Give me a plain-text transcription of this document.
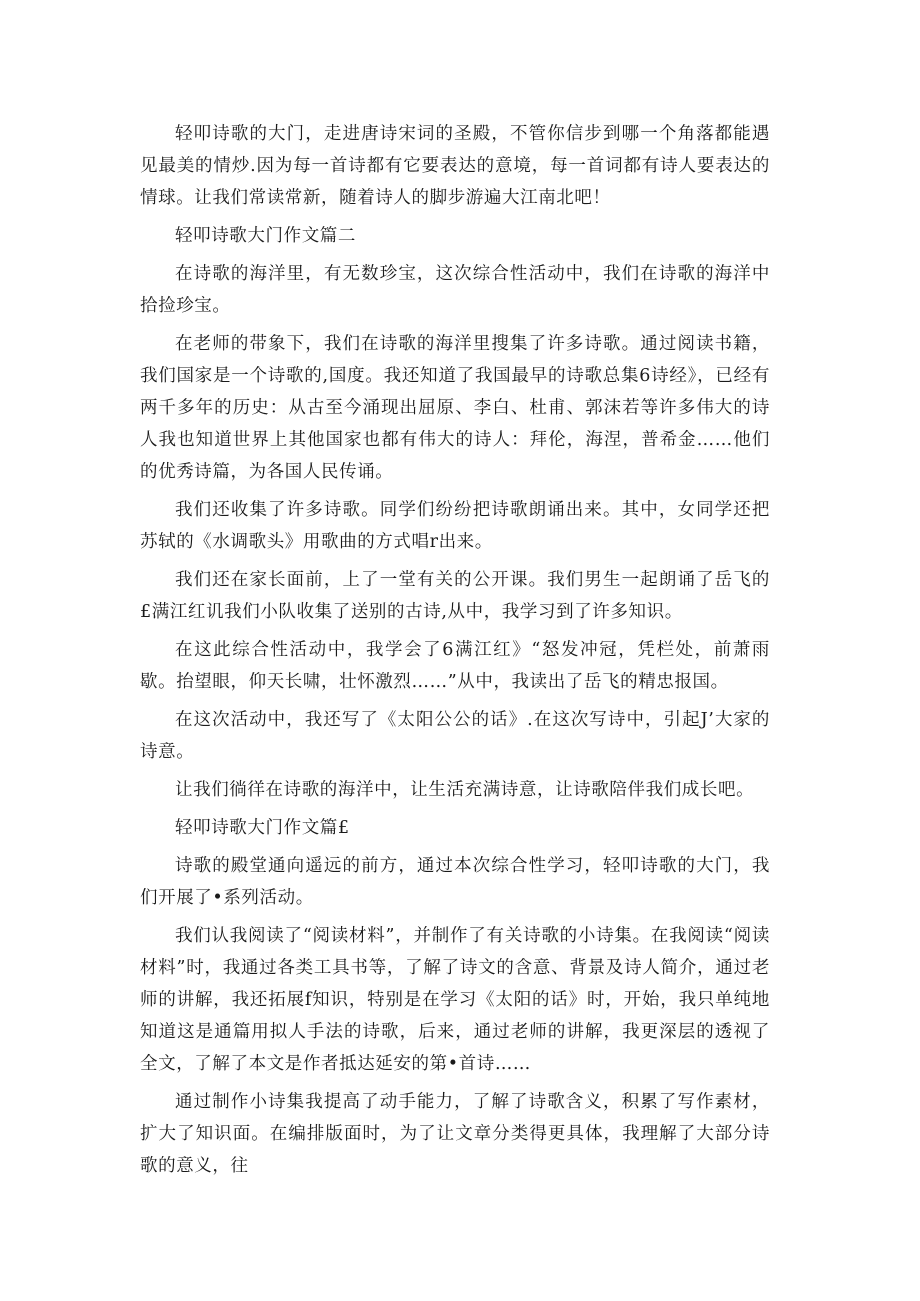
轻叩诗歌的大门，走进唐诗宋词的圣殿，不管你信步到哪一个角落都能遇见最美的情炒.因为每一首诗都有它要表达的意境，每一首词都有诗人要表达的情球。让我们常读常新，随着诗人的脚步游遍大江南北吧！

轻叩诗歌大门作文篇二

在诗歌的海洋里，有无数珍宝，这次综合性活动中，我们在诗歌的海洋中拾捡珍宝。

在老师的带象下，我们在诗歌的海洋里搜集了许多诗歌。通过阅读书籍，我们国家是一个诗歌的,国度。我还知道了我国最早的诗歌总集6诗经》，已经有两千多年的历史：从古至今涌现出屈原、李白、杜甫、郭沫若等许多伟大的诗人我也知道世界上其他国家也都有伟大的诗人：拜伦，海涅，普希金……他们的优秀诗篇，为各国人民传诵。

我们还收集了许多诗歌。同学们纷纷把诗歌朗诵出来。其中，女同学还把苏轼的《水调歌头》用歌曲的方式唱r出来。

我们还在家长面前，上了一堂有关的公开课。我们男生一起朗诵了岳飞的£满江红讥我们小队收集了送别的古诗,从中，我学习到了许多知识。

在这此综合性活动中，我学会了6满江红》“怒发冲冠，凭栏处，前萧雨歇。抬望眼，仰天长啸，壮怀激烈……”从中，我读出了岳飞的精忠报国。

在这次活动中，我还写了《太阳公公的话》.在这次写诗中，引起J’大家的诗意。

让我们徜徉在诗歌的海洋中，让生活充满诗意，让诗歌陪伴我们成长吧。

轻叩诗歌大门作文篇£

诗歌的殿堂通向遥远的前方，通过本次综合性学习，轻叩诗歌的大门，我们开展了•系列活动。

我们认我阅读了“阅读材料”，并制作了有关诗歌的小诗集。在我阅读“阅读材料”时，我通过各类工具书等，了解了诗文的含意、背景及诗人简介，通过老师的讲解，我还拓展f知识，特别是在学习《太阳的话》时，开始，我只单纯地知道这是通篇用拟人手法的诗歌，后来，通过老师的讲解，我更深层的透视了全文，了解了本文是作者抵达延安的第•首诗……

通过制作小诗集我提高了动手能力，了解了诗歌含义，积累了写作素材，扩大了知识面。在编排版面时，为了让文章分类得更具体，我理解了大部分诗歌的意义，往
